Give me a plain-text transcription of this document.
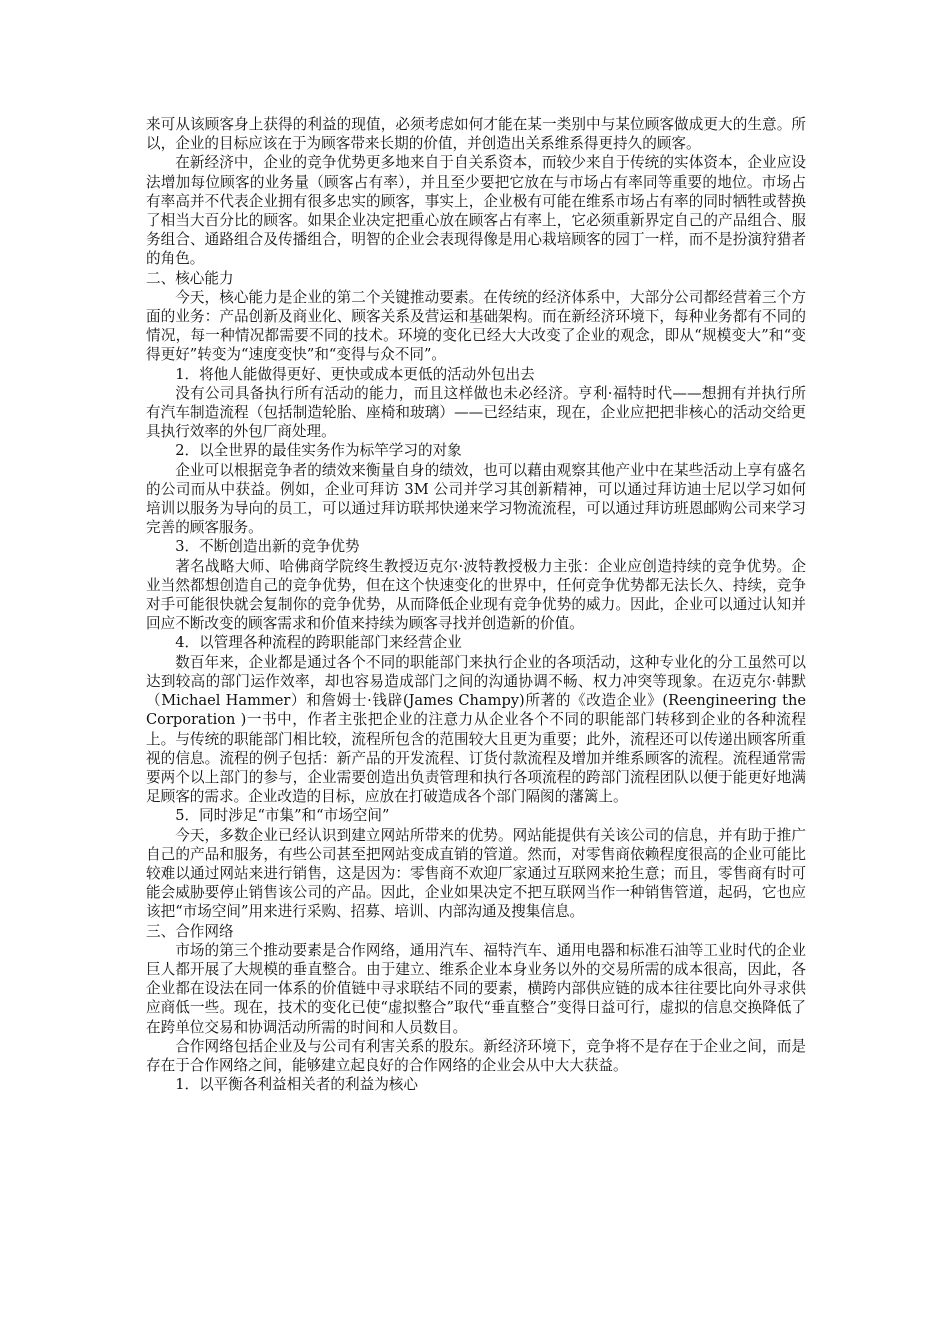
来可从该顾客身上获得的利益的现值，必须考虑如何才能在某一类别中与某位顾客做成更大的生意。所以，企业的目标应该在于为顾客带来长期的价值，并创造出关系维系得更持久的顾客。

在新经济中，企业的竞争优势更多地来自于自关系资本，而较少来自于传统的实体资本，企业应设法增加每位顾客的业务量（顾客占有率），并且至少要把它放在与市场占有率同等重要的地位。市场占有率高并不代表企业拥有很多忠实的顾客，事实上，企业极有可能在维系市场占有率的同时牺牲或替换了相当大百分比的顾客。如果企业决定把重心放在顾客占有率上，它必须重新界定自己的产品组合、服务组合、通路组合及传播组合，明智的企业会表现得像是用心栽培顾客的园丁一样，而不是扮演狩猎者的角色。

二、核心能力

今天，核心能力是企业的第二个关键推动要素。在传统的经济体系中，大部分公司都经营着三个方面的业务：产品创新及商业化、顾客关系及营运和基础架构。而在新经济环境下，每种业务都有不同的情况，每一种情况都需要不同的技术。环境的变化已经大大改变了企业的观念，即从“规模变大”和“变得更好”转变为“速度变快”和“变得与众不同”。

1．将他人能做得更好、更快或成本更低的活动外包出去

没有公司具备执行所有活动的能力，而且这样做也未必经济。亨利·福特时代——想拥有并执行所有汽车制造流程（包括制造轮胎、座椅和玻璃）——已经结束，现在，企业应把把非核心的活动交给更具执行效率的外包厂商处理。

2．以全世界的最佳实务作为标竿学习的对象

企业可以根据竞争者的绩效来衡量自身的绩效，也可以藉由观察其他产业中在某些活动上享有盛名的公司而从中获益。例如，企业可拜访 3M 公司并学习其创新精神，可以通过拜访迪士尼以学习如何培训以服务为导向的员工，可以通过拜访联邦快递来学习物流流程，可以通过拜访班恩邮购公司来学习完善的顾客服务。

3．不断创造出新的竞争优势

著名战略大师、哈佛商学院终生教授迈克尔·波特教授极力主张：企业应创造持续的竞争优势。企业当然都想创造自己的竞争优势，但在这个快速变化的世界中，任何竞争优势都无法长久、持续，竞争对手可能很快就会复制你的竞争优势，从而降低企业现有竞争优势的威力。因此，企业可以通过认知并回应不断改变的顾客需求和价值来持续为顾客寻找并创造新的价值。

4．以管理各种流程的跨职能部门来经营企业

数百年来，企业都是通过各个不同的职能部门来执行企业的各项活动，这种专业化的分工虽然可以达到较高的部门运作效率，却也容易造成部门之间的沟通协调不畅、权力冲突等现象。在迈克尔·韩默（Michael Hammer）和詹姆士·钱辟(James Champy)所著的《改造企业》(Reengineering the Corporation )一书中，作者主张把企业的注意力从企业各个不同的职能部门转移到企业的各种流程上。与传统的职能部门相比较，流程所包含的范围较大且更为重要；此外，流程还可以传递出顾客所重视的信息。流程的例子包括：新产品的开发流程、订货付款流程及增加并维系顾客的流程。流程通常需要两个以上部门的参与，企业需要创造出负责管理和执行各项流程的跨部门流程团队以便于能更好地满足顾客的需求。企业改造的目标，应放在打破造成各个部门隔阂的藩篱上。

5．同时涉足“市集”和“市场空间”

今天，多数企业已经认识到建立网站所带来的优势。网站能提供有关该公司的信息，并有助于推广自己的产品和服务，有些公司甚至把网站变成直销的管道。然而，对零售商依赖程度很高的企业可能比较难以通过网站来进行销售，这是因为：零售商不欢迎厂家通过互联网来抢生意；而且，零售商有时可能会威胁要停止销售该公司的产品。因此，企业如果决定不把互联网当作一种销售管道，起码，它也应该把“市场空间”用来进行采购、招募、培训、内部沟通及搜集信息。

三、合作网络

市场的第三个推动要素是合作网络，通用汽车、福特汽车、通用电器和标准石油等工业时代的企业巨人都开展了大规模的垂直整合。由于建立、维系企业本身业务以外的交易所需的成本很高，因此，各企业都在设法在同一体系的价值链中寻求联结不同的要素，横跨内部供应链的成本往往要比向外寻求供应商低一些。现在，技术的变化已使“虚拟整合”取代“垂直整合”变得日益可行，虚拟的信息交换降低了在跨单位交易和协调活动所需的时间和人员数目。

合作网络包括企业及与公司有利害关系的股东。新经济环境下，竞争将不是存在于企业之间，而是存在于合作网络之间，能够建立起良好的合作网络的企业会从中大大获益。

1．以平衡各利益相关者的利益为核心
